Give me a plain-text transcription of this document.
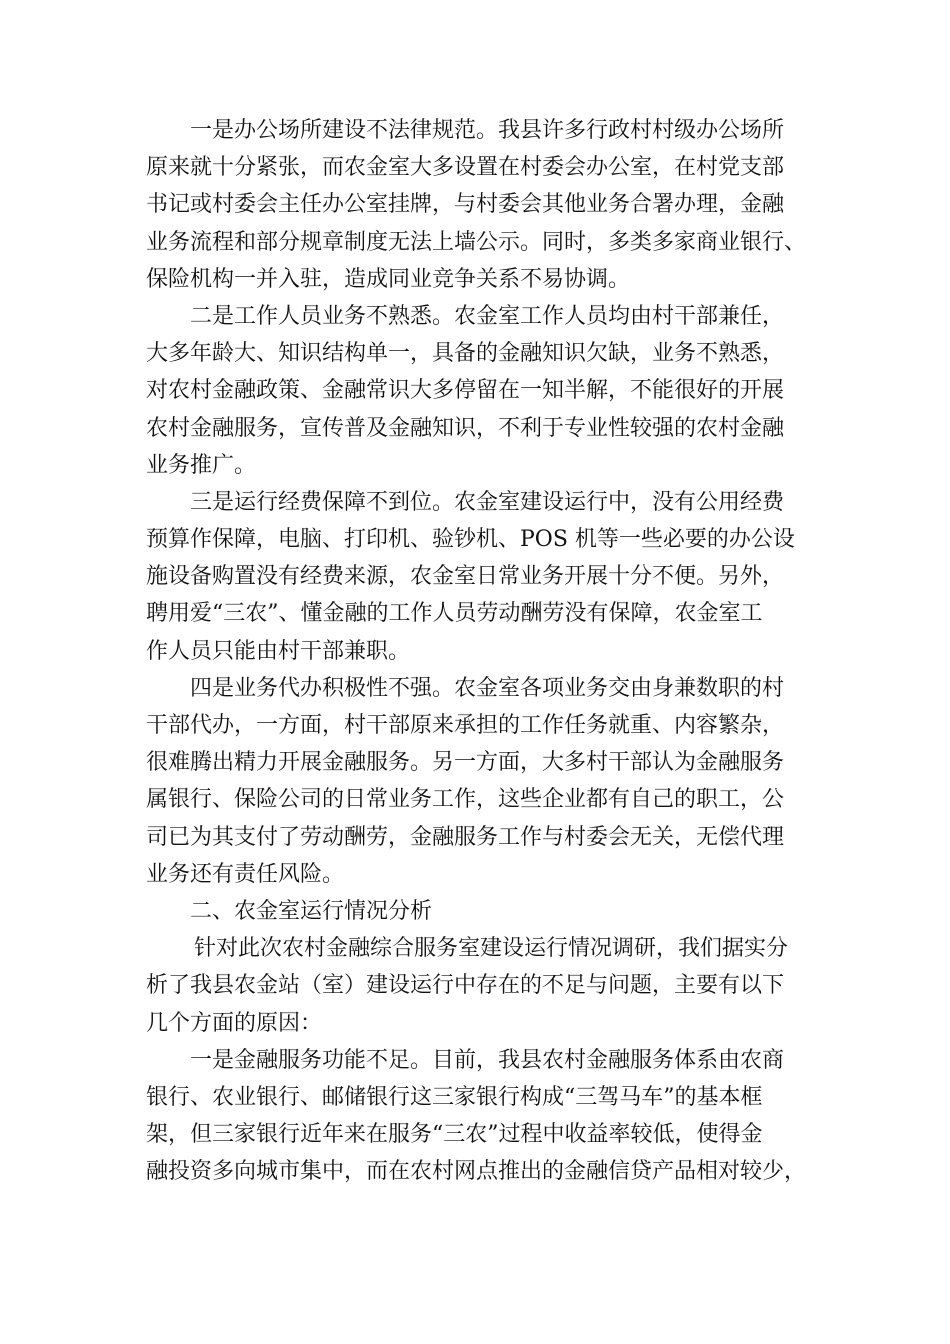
一是办公场所建设不法律规范。我县许多行政村村级办公场所
原来就十分紧张，而农金室大多设置在村委会办公室，在村党支部
书记或村委会主任办公室挂牌，与村委会其他业务合署办理，金融
业务流程和部分规章制度无法上墙公示。同时，多类多家商业银行、
保险机构一并入驻，造成同业竞争关系不易协调。
二是工作人员业务不熟悉。农金室工作人员均由村干部兼任，
大多年龄大、知识结构单一，具备的金融知识欠缺，业务不熟悉，
对农村金融政策、金融常识大多停留在一知半解，不能很好的开展
农村金融服务，宣传普及金融知识，不利于专业性较强的农村金融
业务推广。
三是运行经费保障不到位。农金室建设运行中，没有公用经费
预算作保障，电脑、打印机、验钞机、POS 机等一些必要的办公设
施设备购置没有经费来源，农金室日常业务开展十分不便。另外，
聘用爱“三农”、懂金融的工作人员劳动酬劳没有保障，农金室工
作人员只能由村干部兼职。
四是业务代办积极性不强。农金室各项业务交由身兼数职的村
干部代办，一方面，村干部原来承担的工作任务就重、内容繁杂，
很难腾出精力开展金融服务。另一方面，大多村干部认为金融服务
属银行、保险公司的日常业务工作，这些企业都有自己的职工，公
司已为其支付了劳动酬劳，金融服务工作与村委会无关，无偿代理
业务还有责任风险。
二、农金室运行情况分析
针对此次农村金融综合服务室建设运行情况调研，我们据实分
析了我县农金站（室）建设运行中存在的不足与问题，主要有以下
几个方面的原因：
一是金融服务功能不足。目前，我县农村金融服务体系由农商
银行、农业银行、邮储银行这三家银行构成“三驾马车”的基本框
架，但三家银行近年来在服务“三农”过程中收益率较低，使得金
融投资多向城市集中，而在农村网点推出的金融信贷产品相对较少，
